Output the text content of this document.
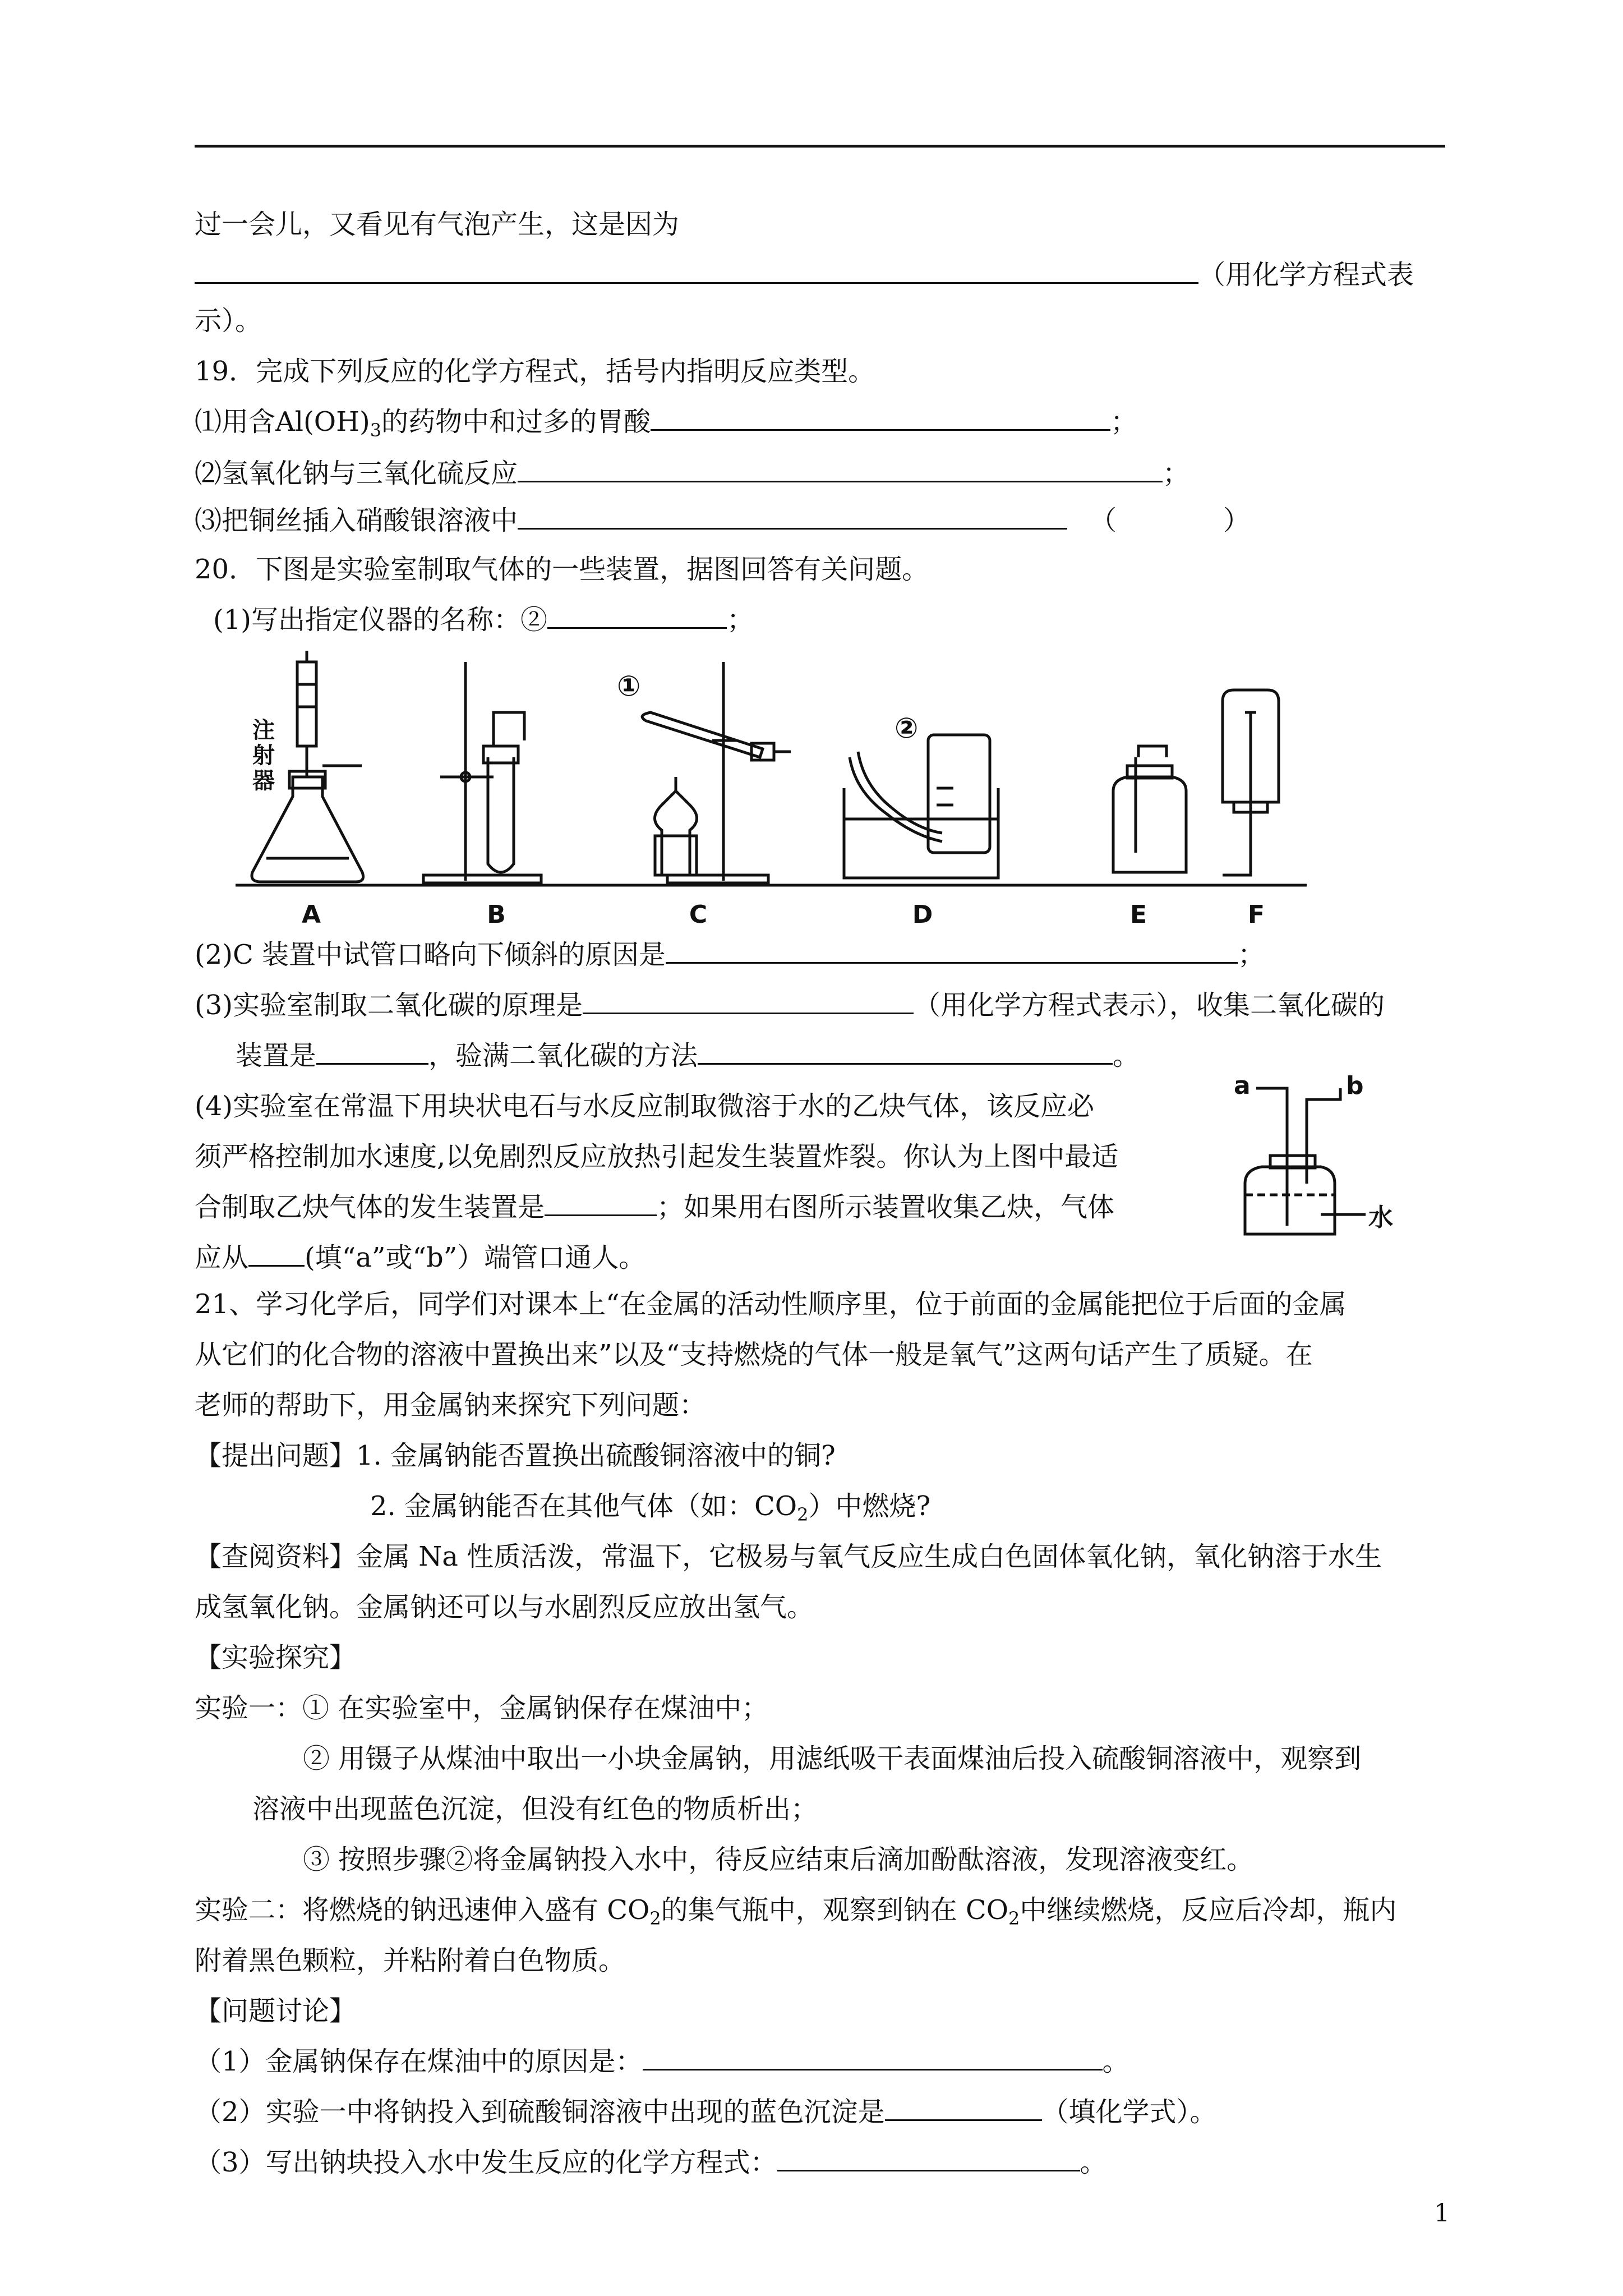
过一会儿，又看见有气泡产生，这是因为
（用化学方程式表
示）。
19．完成下列反应的化学方程式，括号内指明反应类型。
⑴用含$Al(OH)_3$的药物中和过多的胃酸	；
⑵氢氧化钠与三氧化硫反应	；
⑶把铜丝插入硝酸银溶液中	（	）
20．下图是实验室制取气体的一些装置，据图回答有关问题。
(1)写出指定仪器的名称：②	；
A	B	C	D	E	F
注
射
器
①
②
(2)C 装置中试管口略向下倾斜的原因是	；
(3)实验室制取二氧化碳的原理是	（用化学方程式表示），收集二氧化碳的
装置是	，验满二氧化碳的方法	。
(4)实验室在常温下用块状电石与水反应制取微溶于水的乙炔气体，该反应必
须严格控制加水速度,以免剧烈反应放热引起发生装置炸裂。你认为上图中最适
合制取乙炔气体的发生装置是	；如果用右图所示装置收集乙炔，气体
应从 (填“a”或“b”）端管口通人。
a	b
水
21、学习化学后，同学们对课本上“在金属的活动性顺序里，位于前面的金属能把位于后面的金属
从它们的化合物的溶液中置换出来”以及“支持燃烧的气体一般是氧气”这两句话产生了质疑。在
老师的帮助下，用金属钠来探究下列问题：
【提出问题】1. 金属钠能否置换出硫酸铜溶液中的铜?
2. 金属钠能否在其他气体（如：$CO_2$）中燃烧?
【查阅资料】金属 Na 性质活泼，常温下，它极易与氧气反应生成白色固体氧化钠，氧化钠溶于水生
成氢氧化钠。金属钠还可以与水剧烈反应放出氢气。
【实验探究】
实验一：① 在实验室中，金属钠保存在煤油中；
② 用镊子从煤油中取出一小块金属钠，用滤纸吸干表面煤油后投入硫酸铜溶液中，观察到
溶液中出现蓝色沉淀，但没有红色的物质析出；
③ 按照步骤②将金属钠投入水中，待反应结束后滴加酚酞溶液，发现溶液变红。
实验二：将燃烧的钠迅速伸入盛有 $CO_2$的集气瓶中，观察到钠在 $CO_2$中继续燃烧，反应后冷却，瓶内
附着黑色颗粒，并粘附着白色物质。
【问题讨论】
（1）金属钠保存在煤油中的原因是：	。
（2）实验一中将钠投入到硫酸铜溶液中出现的蓝色沉淀是	（填化学式）。
（3）写出钠块投入水中发生反应的化学方程式：	。
1
